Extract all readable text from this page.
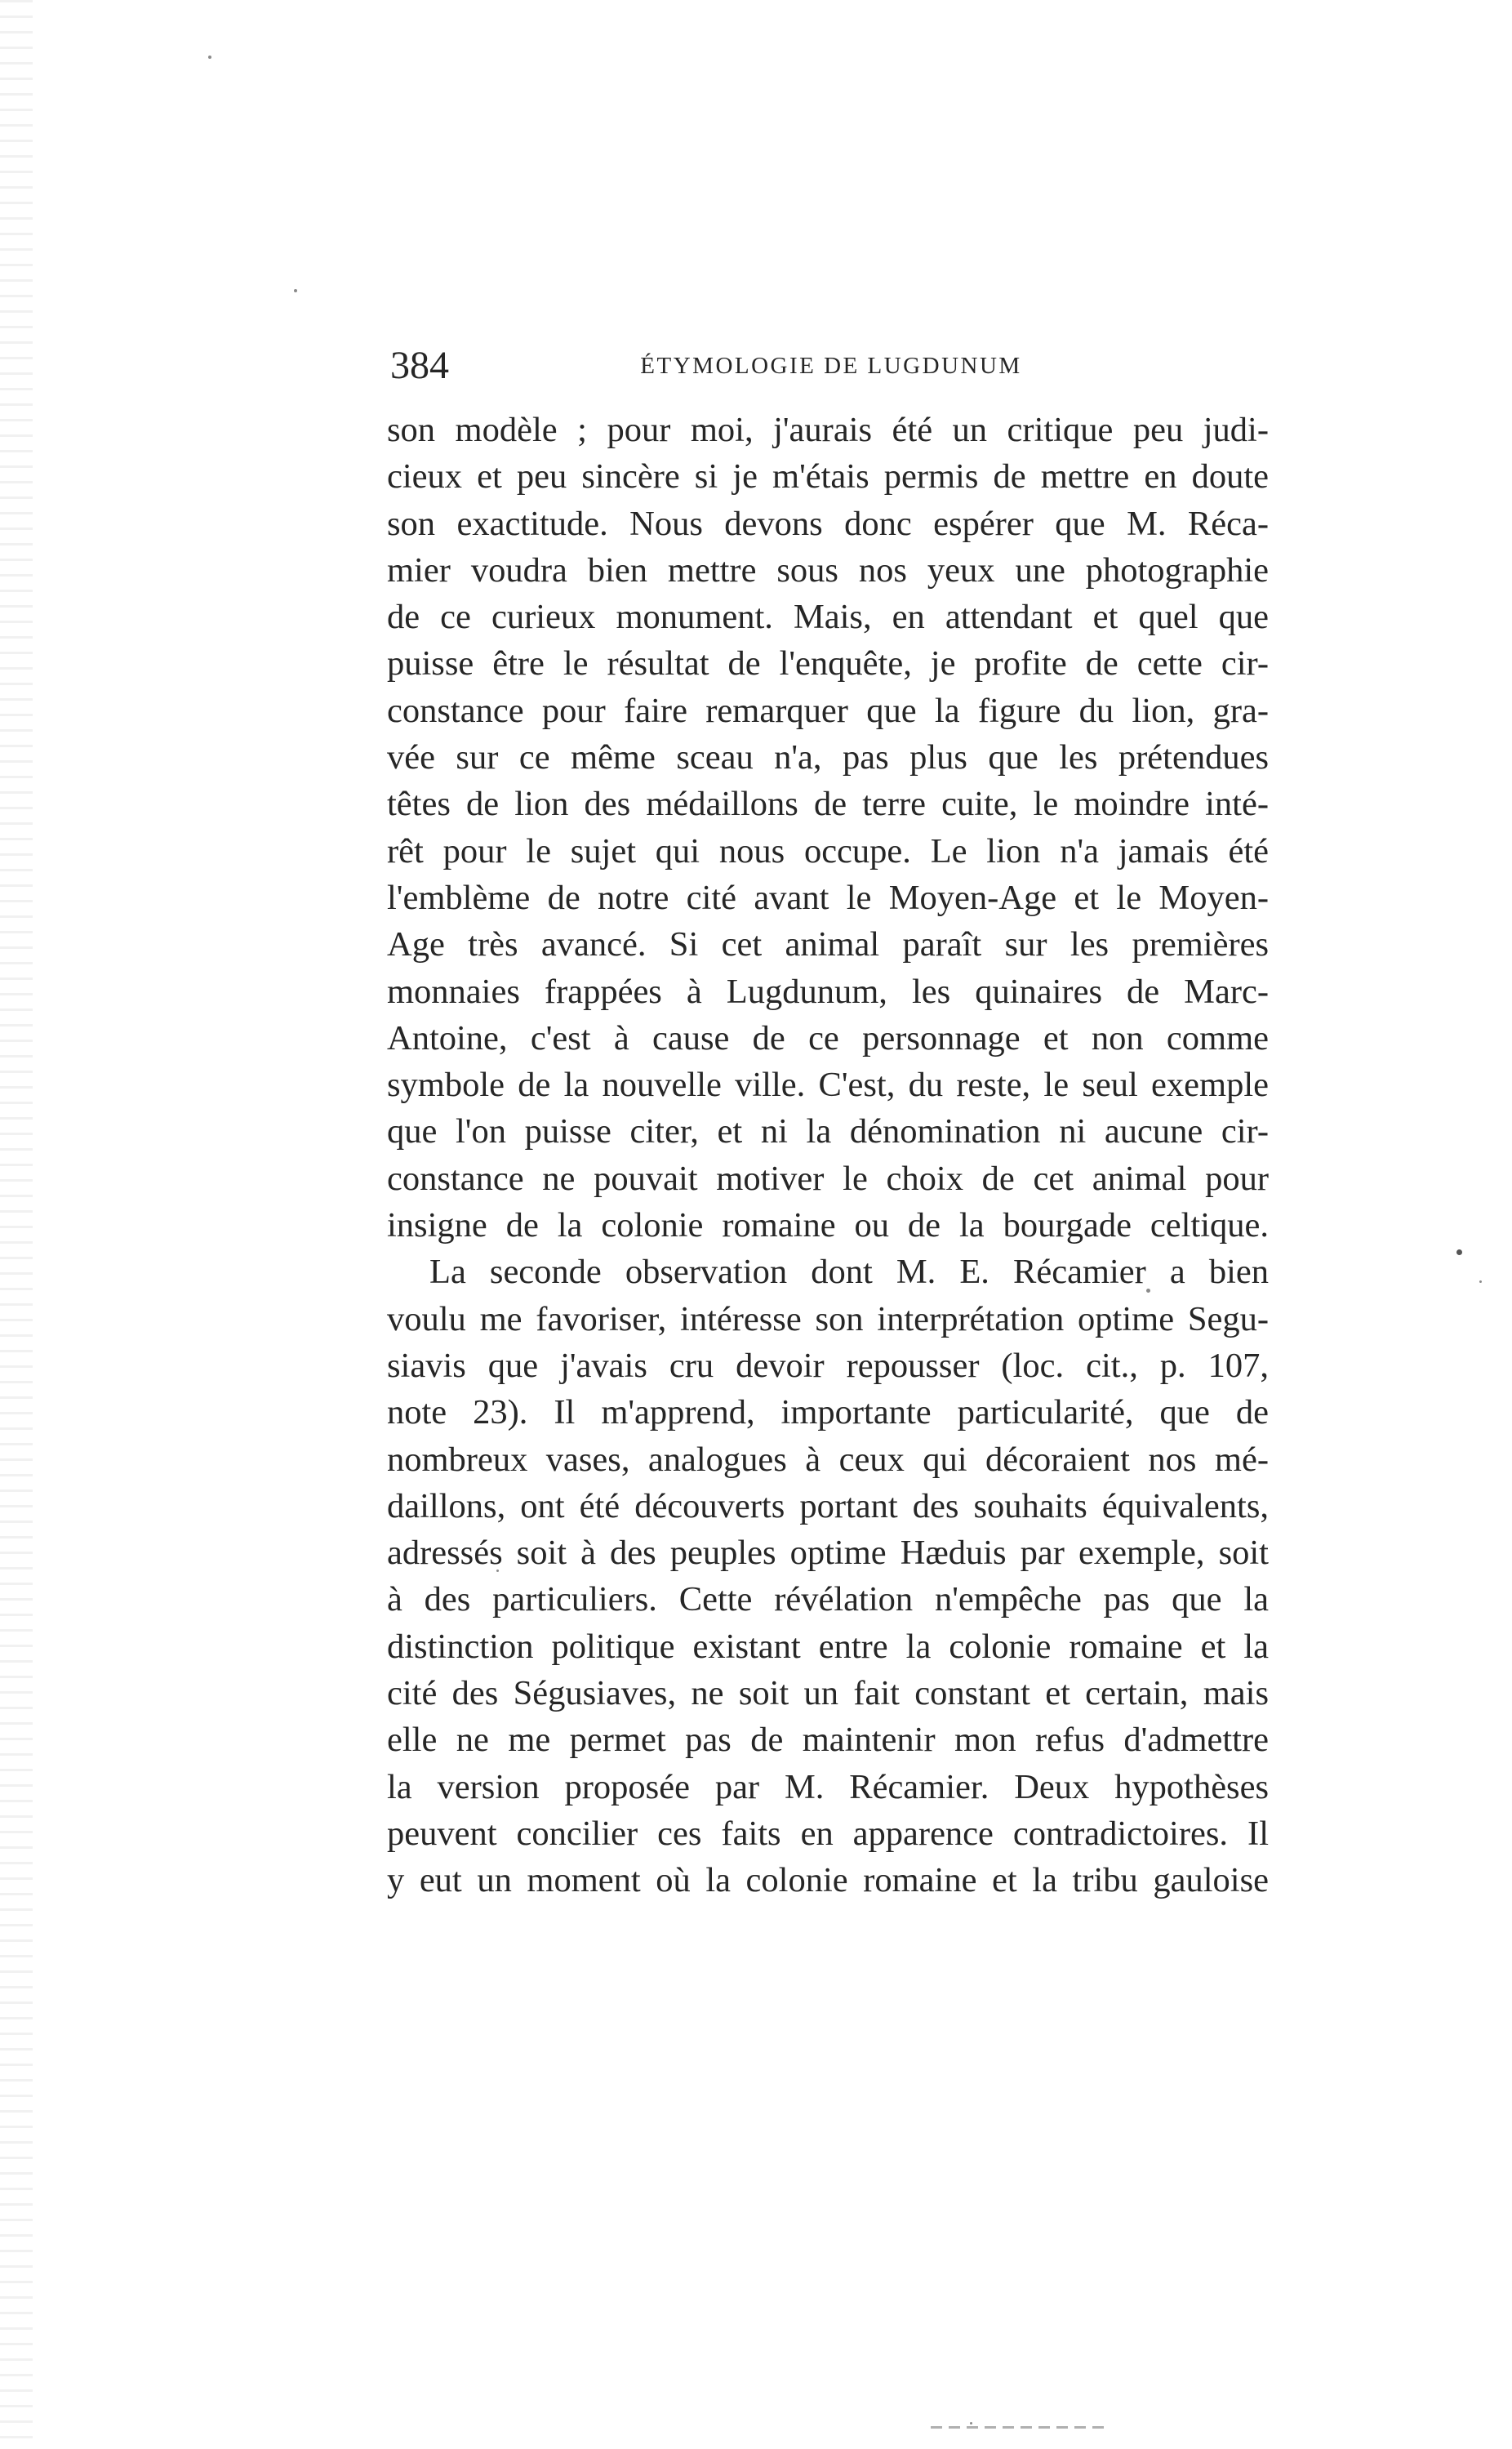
384	ÉTYMOLOGIE DE LUGDUNUM
son modèle ; pour moi, j'aurais été un critique peu judi-
cieux et peu sincère si je m'étais permis de mettre en doute
son exactitude. Nous devons donc espérer que M. Réca-
mier voudra bien mettre sous nos yeux une photographie
de ce curieux monument. Mais, en attendant et quel que
puisse être le résultat de l'enquête, je profite de cette cir-
constance pour faire remarquer que la figure du lion, gra-
vée sur ce même sceau n'a, pas plus que les prétendues
têtes de lion des médaillons de terre cuite, le moindre inté-
rêt pour le sujet qui nous occupe. Le lion n'a jamais été
l'emblème de notre cité avant le Moyen-Age et le Moyen-
Age très avancé. Si cet animal paraît sur les premières
monnaies frappées à Lugdunum, les quinaires de Marc-
Antoine, c'est à cause de ce personnage et non comme
symbole de la nouvelle ville. C'est, du reste, le seul exemple
que l'on puisse citer, et ni la dénomination ni aucune cir-
constance ne pouvait motiver le choix de cet animal pour
insigne de la colonie romaine ou de la bourgade celtique.
La seconde observation dont M. E. Récamier a bien
voulu me favoriser, intéresse son interprétation optime Segu-
siavis que j'avais cru devoir repousser (loc. cit., p. 107,
note 23). Il m'apprend, importante particularité, que de
nombreux vases, analogues à ceux qui décoraient nos mé-
daillons, ont été découverts portant des souhaits équivalents,
adressés soit à des peuples optime Hæduis par exemple, soit
à des particuliers. Cette révélation n'empêche pas que la
distinction politique existant entre la colonie romaine et la
cité des Ségusiaves, ne soit un fait constant et certain, mais
elle ne me permet pas de maintenir mon refus d'admettre
la version proposée par M. Récamier. Deux hypothèses
peuvent concilier ces faits en apparence contradictoires. Il
y eut un moment où la colonie romaine et la tribu gauloise
